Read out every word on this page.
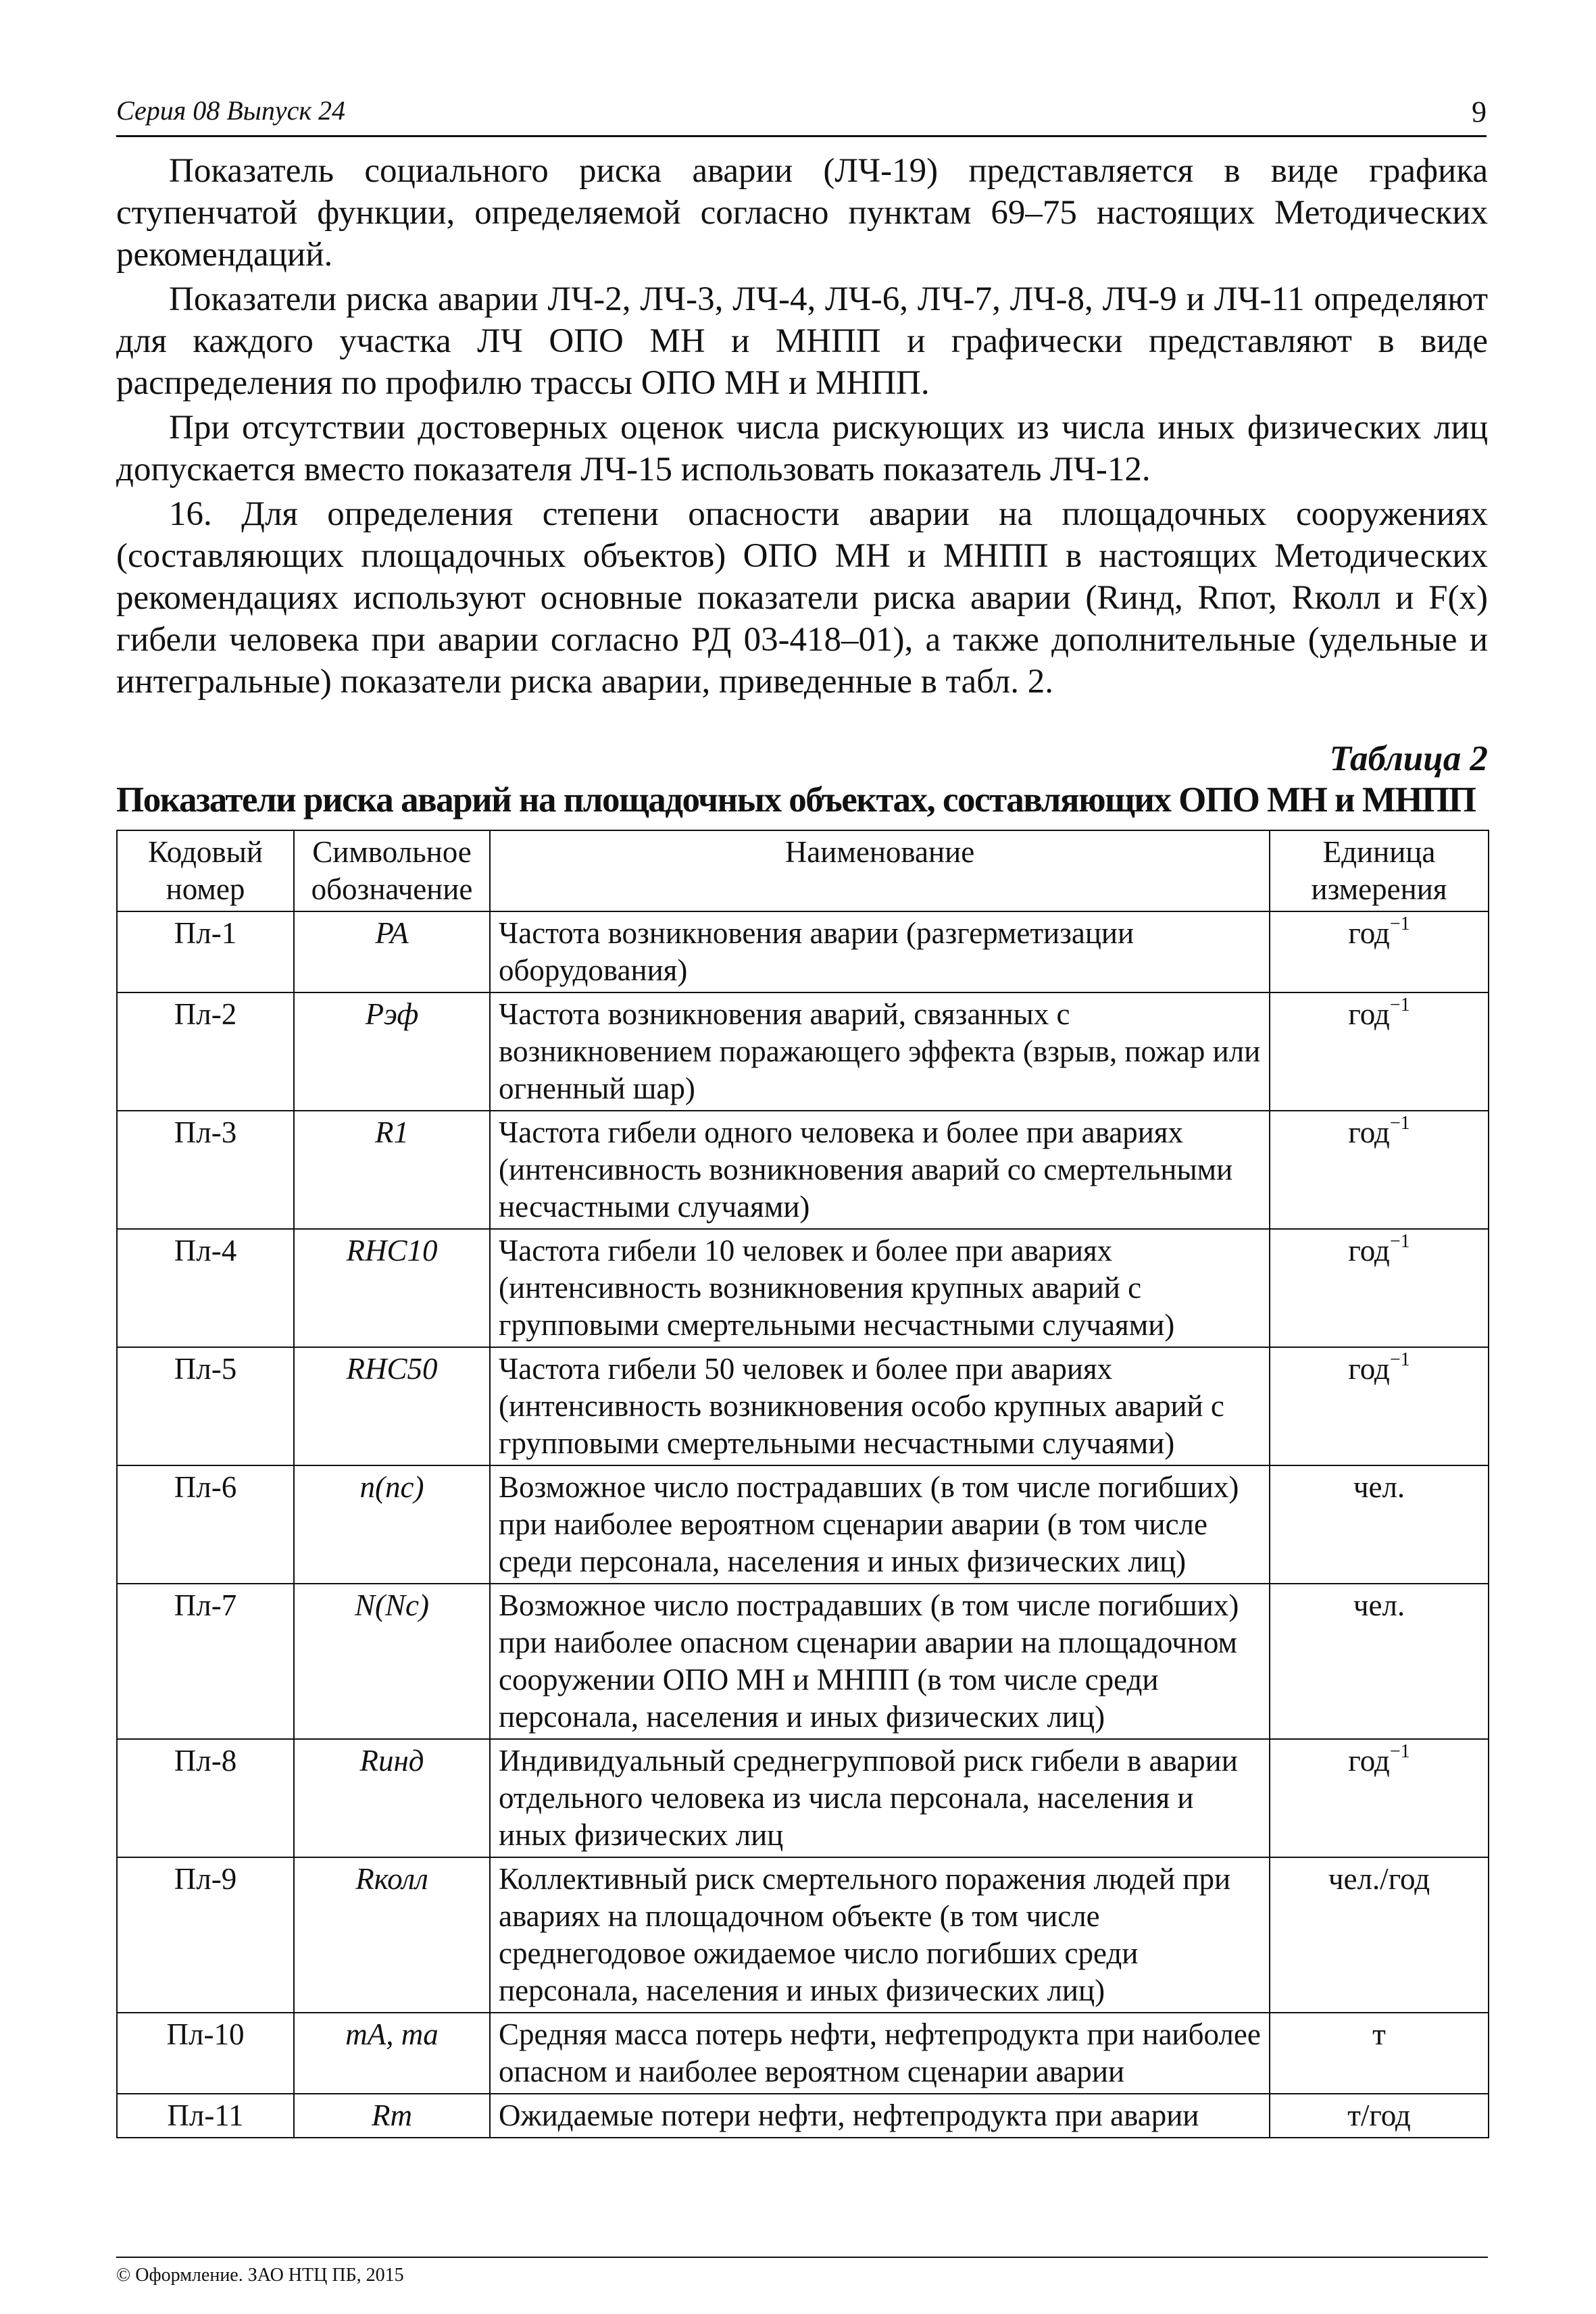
Серия 08 Выпуск 24	9

Показатель социального риска аварии (ЛЧ-19) представляется в виде графика ступенчатой функции, определяемой согласно пунктам 69–75 настоящих Методических рекомендаций.

Показатели риска аварии ЛЧ-2, ЛЧ-3, ЛЧ-4, ЛЧ-6, ЛЧ-7, ЛЧ-8, ЛЧ-9 и ЛЧ-11 определяют для каждого участка ЛЧ ОПО МН и МНПП и графически представляют в виде распределения по профилю трассы ОПО МН и МНПП.

При отсутствии достоверных оценок числа рискующих из числа иных физических лиц допускается вместо показателя ЛЧ-15 использовать показатель ЛЧ-12.

16. Для определения степени опасности аварии на площадочных сооружениях (составляющих площадочных объектов) ОПО МН и МНПП в настоящих Методических рекомендациях используют основные показатели риска аварии (Rинд, Rпот, Rколл и F(x) гибели человека при аварии согласно РД 03-418–01), а также дополнительные (удельные и интегральные) показатели риска аварии, приведенные в табл. 2.

Таблица 2
Показатели риска аварий на площадочных объектах, составляющих ОПО МН и МНПП
Кодовый номер	Символьное обозначение	Наименование	Единица измерения
Пл-1	PA	Частота возникновения аварии (разгерметизации оборудования)	год$^{-1}$
Пл-2	Pэф	Частота возникновения аварий, связанных с возникновением поражающего эффекта (взрыв, пожар или огненный шар)	год$^{-1}$
Пл-3	R1	Частота гибели одного человека и более при авариях (интенсивность возникновения аварий со смертельными несчастными случаями)	год$^{-1}$
Пл-4	RНС10	Частота гибели 10 человек и более при авариях (интенсивность возникновения крупных аварий с групповыми смертельными несчастными случаями)	год$^{-1}$
Пл-5	RНС50	Частота гибели 50 человек и более при авариях (интенсивность возникновения особо крупных аварий с групповыми смертельными несчастными случаями)	год$^{-1}$
Пл-6	n(nc)	Возможное число пострадавших (в том числе погибших) при наиболее вероятном сценарии аварии (в том числе среди персонала, населения и иных физических лиц)	чел.
Пл-7	N(Nc)	Возможное число пострадавших (в том числе погибших) при наиболее опасном сценарии аварии на площадочном сооружении ОПО МН и МНПП (в том числе среди персонала, населения и иных физических лиц)	чел.
Пл-8	Rинд	Индивидуальный среднегрупповой риск гибели в аварии отдельного человека из числа персонала, населения и иных физических лиц	год$^{-1}$
Пл-9	Rколл	Коллективный риск смертельного поражения людей при авариях на площадочном объекте (в том числе среднегодовое ожидаемое число погибших среди персонала, населения и иных физических лиц)	чел./год
Пл-10	mA, ma	Средняя масса потерь нефти, нефтепродукта при наиболее опасном и наиболее вероятном сценарии аварии	т
Пл-11	Rm	Ожидаемые потери нефти, нефтепродукта при аварии	т/год
© Оформление. ЗАО НТЦ ПБ, 2015
